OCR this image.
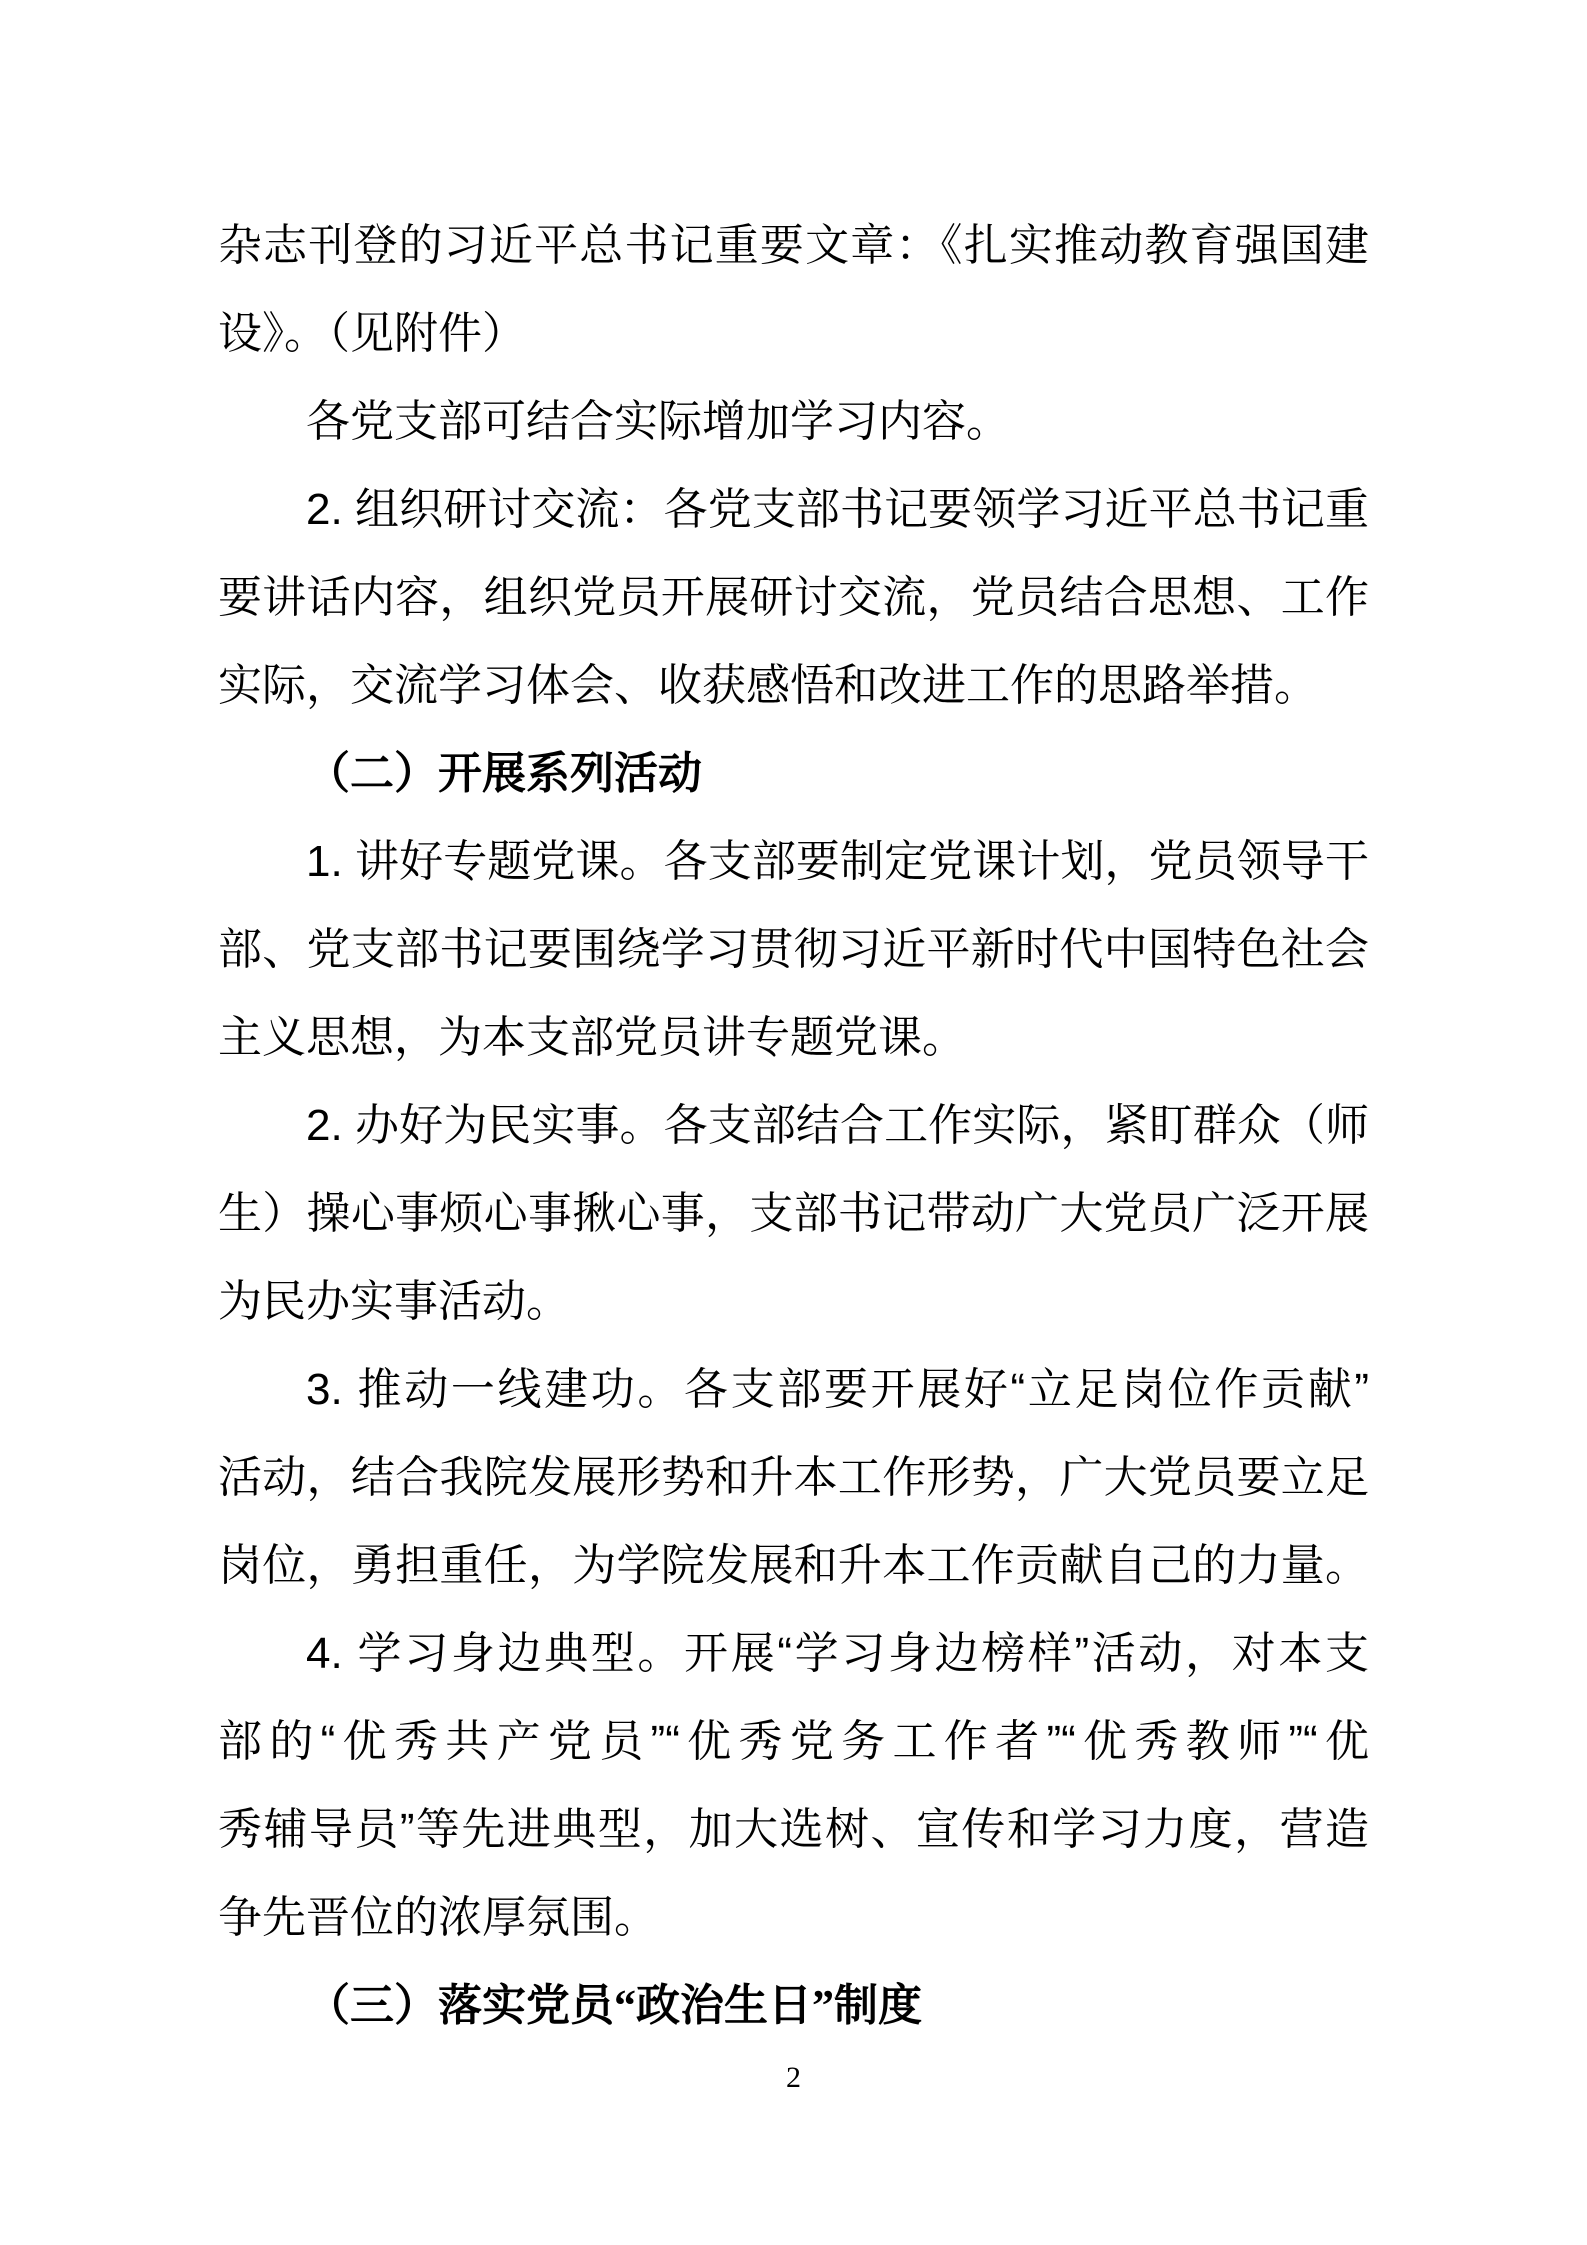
杂志刊登的习近平总书记重要文章：《扎实推动教育强国建
设》。（见附件）
各党支部可结合实际增加学习内容。
2. 组织研讨交流：各党支部书记要领学习近平总书记重
要讲话内容，组织党员开展研讨交流，党员结合思想、工作
实际，交流学习体会、收获感悟和改进工作的思路举措。
（二）开展系列活动
1. 讲好专题党课。各支部要制定党课计划，党员领导干
部、党支部书记要围绕学习贯彻习近平新时代中国特色社会
主义思想，为本支部党员讲专题党课。
2. 办好为民实事。各支部结合工作实际，紧盯群众（师
生）操心事烦心事揪心事，支部书记带动广大党员广泛开展
为民办实事活动。
3. 推动一线建功。各支部要开展好“立足岗位作贡献”
活动，结合我院发展形势和升本工作形势，广大党员要立足
岗位，勇担重任，为学院发展和升本工作贡献自己的力量。
4. 学习身边典型。开展“学习身边榜样”活动，对本支
部的“优秀共产党员”“优秀党务工作者”“优秀教师”“优
秀辅导员”等先进典型，加大选树、宣传和学习力度，营造
争先晋位的浓厚氛围。
（三）落实党员“政治生日”制度
2
